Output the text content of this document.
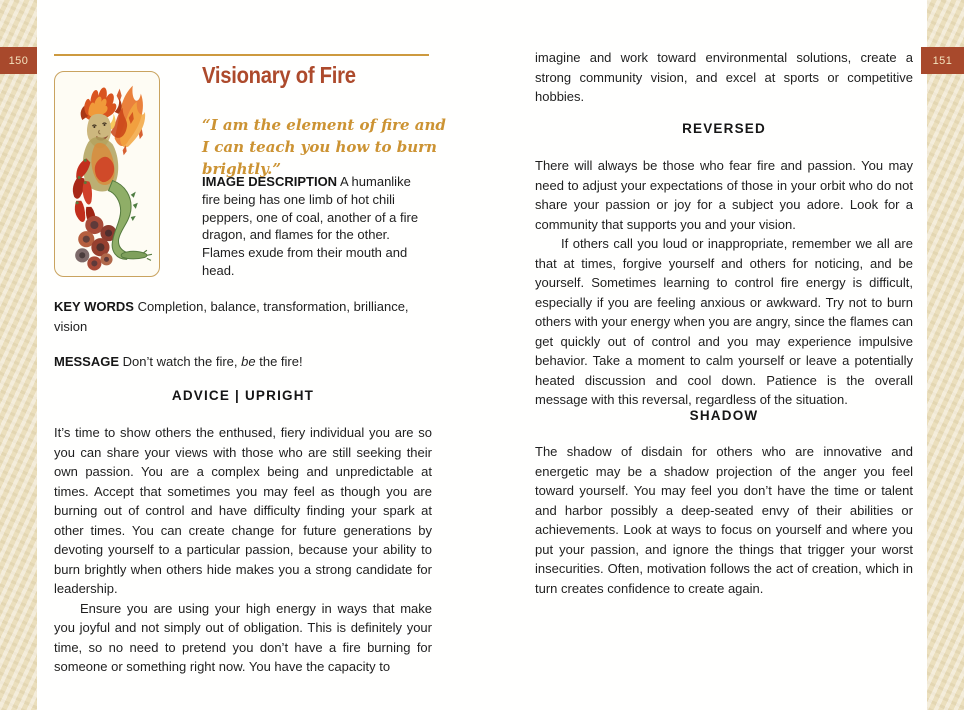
150	151
Visionary of Fire
“I am the element of fire and I can teach you how to burn brightly.”
IMAGE DESCRIPTION A humanlike fire being has one limb of hot chili peppers, one of coal, another of a fire dragon, and flames for the other. Flames exude from their mouth and head.
KEY WORDS Completion, balance, transformation, brilliance, vision
MESSAGE Don’t watch the fire, be the fire!
ADVICE | UPRIGHT

It’s time to show others the enthused, fiery individual you are so you can share your views with those who are still seeking their own passion. You are a complex being and unpredictable at times. Accept that sometimes you may feel as though you are burning out of control and have difficulty finding your spark at other times. You can create change for future generations by devoting yourself to a particular passion, because your ability to burn brightly when others hide makes you a strong candidate for leadership.

Ensure you are using your high energy in ways that make you joyful and not simply out of obligation. This is definitely your time, so no need to pretend you don’t have a fire burning for someone or something right now. You have the capacity to

imagine and work toward environmental solutions, create a strong community vision, and excel at sports or competitive hobbies.

REVERSED

There will always be those who fear fire and passion. You may need to adjust your expectations of those in your orbit who do not share your passion or joy for a subject you adore. Look for a community that supports you and your vision.

If others call you loud or inappropriate, remember we all are that at times, forgive yourself and others for noticing, and be yourself. Sometimes learning to control fire energy is difficult, especially if you are feeling anxious or awkward. Try not to burn others with your energy when you are angry, since the flames can get quickly out of control and you may experience impulsive behavior. Take a moment to calm yourself or leave a potentially heated discussion and cool down. Patience is the overall message with this reversal, regardless of the situation.

SHADOW

The shadow of disdain for others who are innovative and energetic may be a shadow projection of the anger you feel toward yourself. You may feel you don’t have the time or talent and harbor possibly a deep-seated envy of their abilities or achievements. Look at ways to focus on yourself and where you put your passion, and ignore the things that trigger your worst insecurities. Often, motivation follows the act of creation, which in turn creates confidence to create again.
